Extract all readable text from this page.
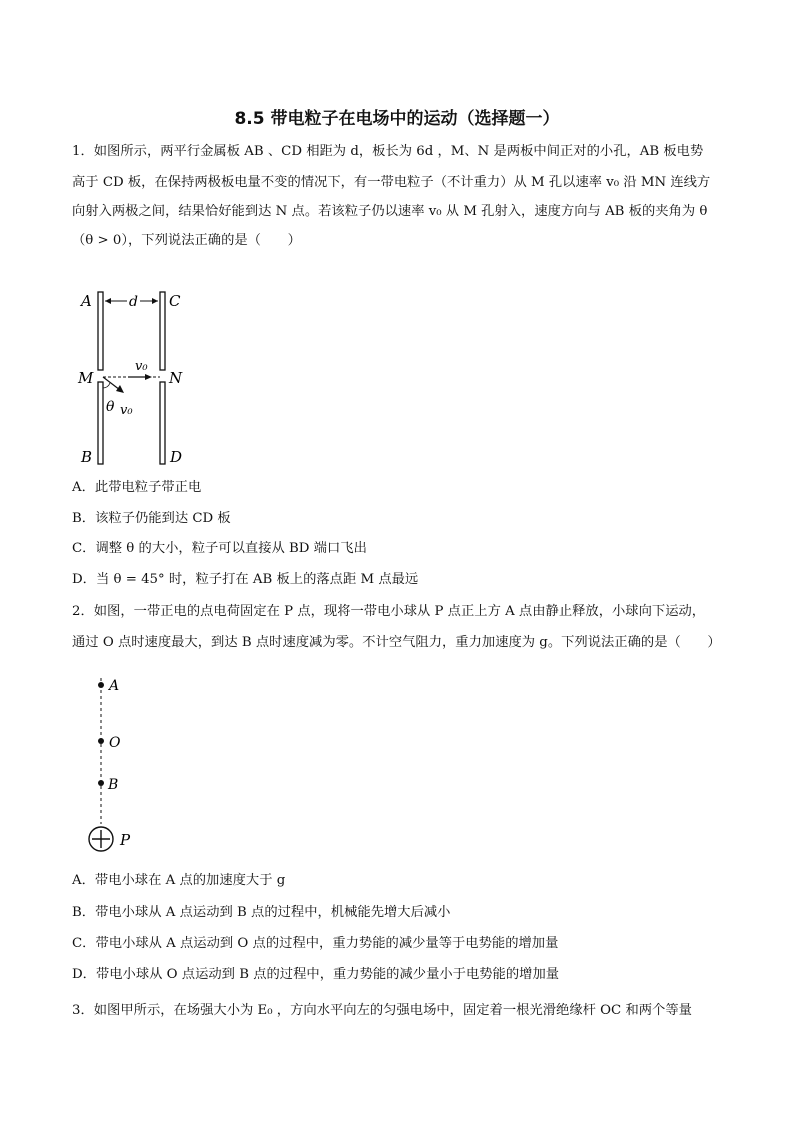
8.5 带电粒子在电场中的运动（选择题一）
1．如图所示，两平行金属板 AB 、CD 相距为 d，板长为 6d ，M、N 是两板中间正对的小孔，AB 板电势
高于 CD 板，在保持两极板电量不变的情况下，有一带电粒子（不计重力）从 M 孔以速率 v₀ 沿 MN 连线方
向射入两极之间，结果恰好能到达 N 点。若该粒子仍以速率 v₀ 从 M 孔射入，速度方向与 AB 板的夹角为 θ
（θ > 0），下列说法正确的是（　　）
d
A	C
M	N
B	D
v₀
θ v₀
A．此带电粒子带正电
B．该粒子仍能到达 CD 板
C．调整 θ 的大小，粒子可以直接从 BD 端口飞出
D．当 θ = 45° 时，粒子打在 AB 板上的落点距 M 点最远
2．如图，一带正电的点电荷固定在 P 点，现将一带电小球从 P 点正上方 A 点由静止释放，小球向下运动，
通过 O 点时速度最大，到达 B 点时速度减为零。不计空气阻力，重力加速度为 g。下列说法正确的是（　　）
A
O
B
P
A．带电小球在 A 点的加速度大于 g
B．带电小球从 A 点运动到 B 点的过程中，机械能先增大后减小
C．带电小球从 A 点运动到 O 点的过程中，重力势能的减少量等于电势能的增加量
D．带电小球从 O 点运动到 B 点的过程中，重力势能的减少量小于电势能的增加量
3．如图甲所示，在场强大小为 E₀ ，方向水平向左的匀强电场中，固定着一根光滑绝缘杆 OC 和两个等量
